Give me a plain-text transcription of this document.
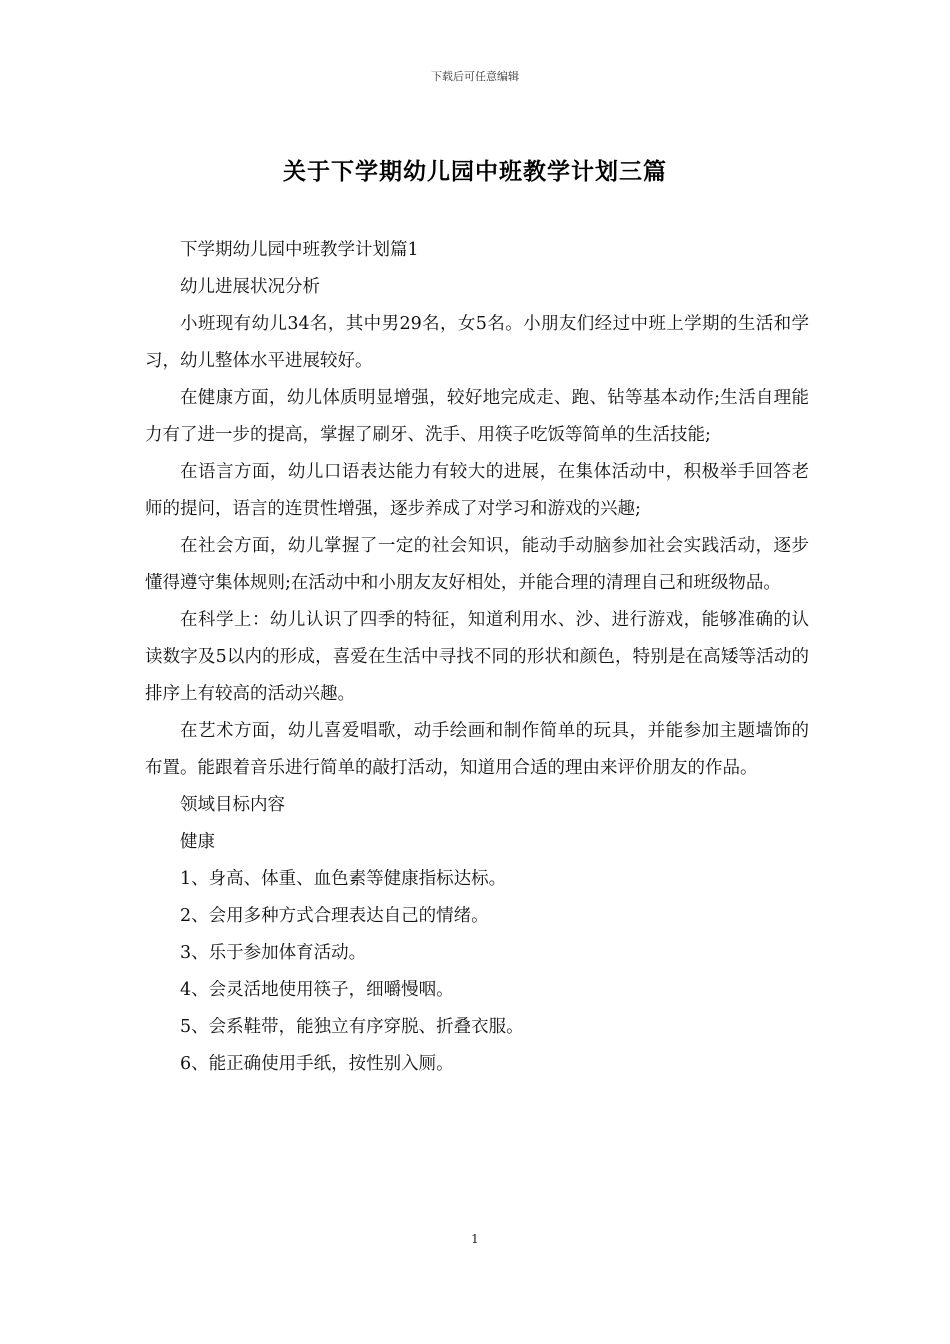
下载后可任意编辑
关于下学期幼儿园中班教学计划三篇

下学期幼儿园中班教学计划篇1

幼儿进展状况分析

小班现有幼儿34名，其中男29名，女5名。小朋友们经过中班上学期的生活和学习，幼儿整体水平进展较好。

在健康方面，幼儿体质明显增强，较好地完成走、跑、钻等基本动作;生活自理能力有了进一步的提高，掌握了刷牙、洗手、用筷子吃饭等简单的生活技能;

在语言方面，幼儿口语表达能力有较大的进展，在集体活动中，积极举手回答老师的提问，语言的连贯性增强，逐步养成了对学习和游戏的兴趣;

在社会方面，幼儿掌握了一定的社会知识，能动手动脑参加社会实践活动，逐步懂得遵守集体规则;在活动中和小朋友友好相处，并能合理的清理自己和班级物品。

在科学上：幼儿认识了四季的特征，知道利用水、沙、进行游戏，能够准确的认读数字及5以内的形成，喜爱在生活中寻找不同的形状和颜色，特别是在高矮等活动的排序上有较高的活动兴趣。

在艺术方面，幼儿喜爱唱歌，动手绘画和制作简单的玩具，并能参加主题墙饰的布置。能跟着音乐进行简单的敲打活动，知道用合适的理由来评价朋友的作品。

领域目标内容

健康

1、身高、体重、血色素等健康指标达标。

2、会用多种方式合理表达自己的情绪。

3、乐于参加体育活动。

4、会灵活地使用筷子，细嚼慢咽。

5、会系鞋带，能独立有序穿脱、折叠衣服。

6、能正确使用手纸，按性别入厕。

1
